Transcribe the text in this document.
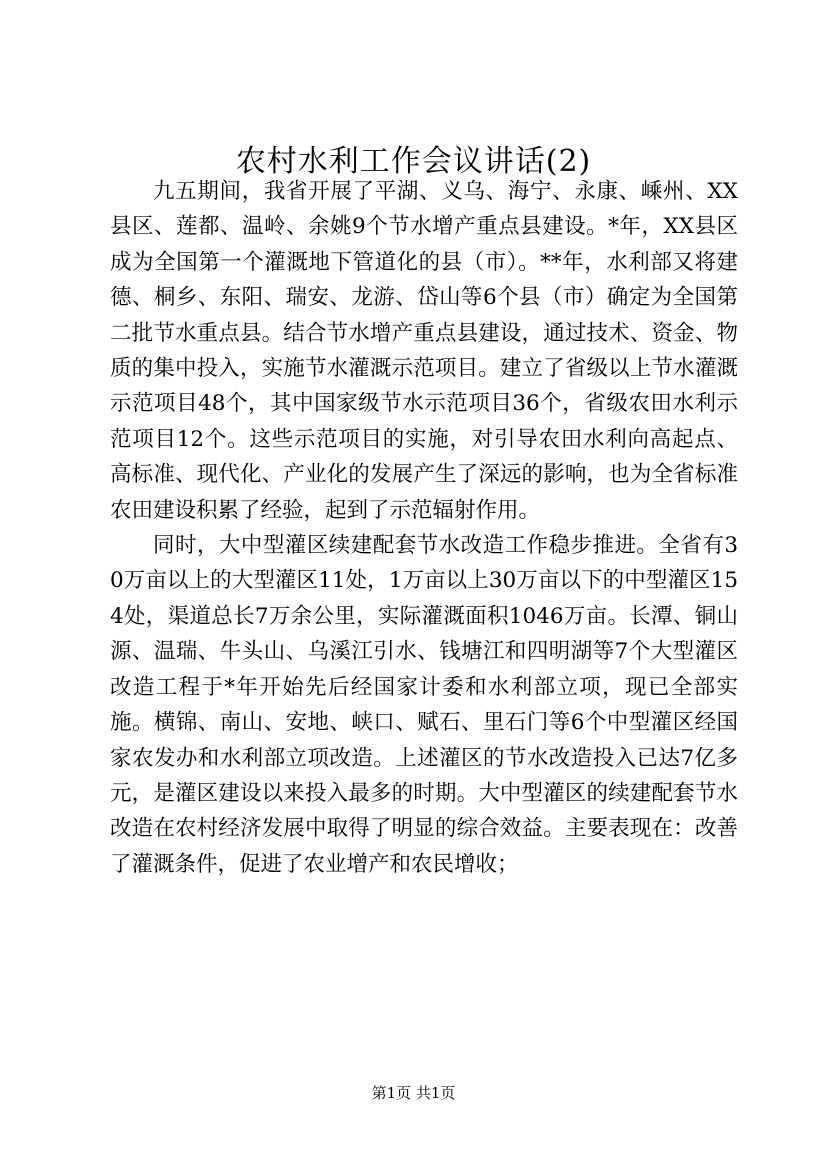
农村水利工作会议讲话(2)

九五期间，我省开展了平湖、义乌、海宁、永康、嵊州、XX县区、莲都、温岭、余姚9个节水增产重点县建设。*年，XX县区成为全国第一个灌溉地下管道化的县（市）。**年，水利部又将建德、桐乡、东阳、瑞安、龙游、岱山等6个县（市）确定为全国第二批节水重点县。结合节水增产重点县建设，通过技术、资金、物质的集中投入，实施节水灌溉示范项目。建立了省级以上节水灌溉示范项目48个，其中国家级节水示范项目36个，省级农田水利示范项目12个。这些示范项目的实施，对引导农田水利向高起点、高标准、现代化、产业化的发展产生了深远的影响，也为全省标准农田建设积累了经验，起到了示范辐射作用。

同时，大中型灌区续建配套节水改造工作稳步推进。全省有30万亩以上的大型灌区11处，1万亩以上30万亩以下的中型灌区154处，渠道总长7万余公里，实际灌溉面积1046万亩。长潭、铜山源、温瑞、牛头山、乌溪江引水、钱塘江和四明湖等7个大型灌区改造工程于*年开始先后经国家计委和水利部立项，现已全部实施。横锦、南山、安地、峡口、赋石、里石门等6个中型灌区经国家农发办和水利部立项改造。上述灌区的节水改造投入已达7亿多元，是灌区建设以来投入最多的时期。大中型灌区的续建配套节水改造在农村经济发展中取得了明显的综合效益。主要表现在：改善了灌溉条件，促进了农业增产和农民增收；

第1页 共1页
